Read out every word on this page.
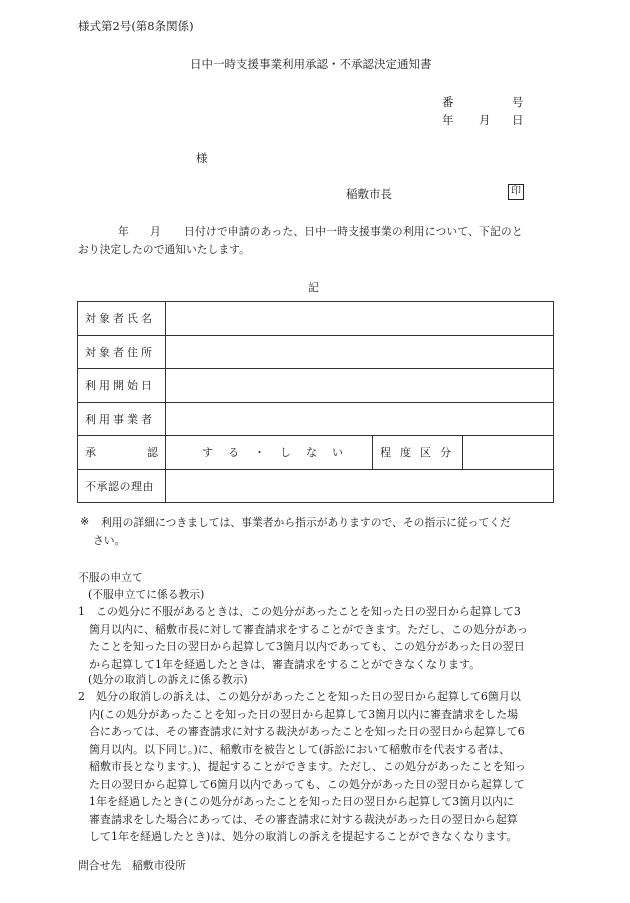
様式第2号(第8条関係)
日中一時支援事業利用承認・不承認決定通知書
番	号
年 月 日
様
稲敷市長	印
年 月 日付けで申請のあった、日中一時支援事業の利用について、下記のと
おり決定したので通知いたします。
記
対象者氏名			
対象者住所			
利用開始日			
利用事業者			

承 認	する・しない	程度区分	
不承認の理由			
※ 利用の詳細につきましては、事業者から指示がありますので、その指示に従ってくだ
さい。
不服の申立て
(不服申立てに係る教示)
1　この処分に不服があるときは、この処分があったことを知った日の翌日から起算して3
箇月以内に、稲敷市長に対して審査請求をすることができます。ただし、この処分があっ
たことを知った日の翌日から起算して3箇月以内であっても、この処分があった日の翌日
から起算して1年を経過したときは、審査請求をすることができなくなります。
(処分の取消しの訴えに係る教示)
2　処分の取消しの訴えは、この処分があったことを知った日の翌日から起算して6箇月以
内(この処分があったことを知った日の翌日から起算して3箇月以内に審査請求をした場
合にあっては、その審査請求に対する裁決があったことを知った日の翌日から起算して6
箇月以内。以下同じ。)に、稲敷市を被告として(訴訟において稲敷市を代表する者は、
稲敷市長となります。)、提起することができます。ただし、この処分があったことを知っ
た日の翌日から起算して6箇月以内であっても、この処分があった日の翌日から起算して
1年を経過したとき(この処分があったことを知った日の翌日から起算して3箇月以内に
審査請求をした場合にあっては、その審査請求に対する裁決があった日の翌日から起算
して1年を経過したとき)は、処分の取消しの訴えを提起することができなくなります。
問合せ先　稲敷市役所
